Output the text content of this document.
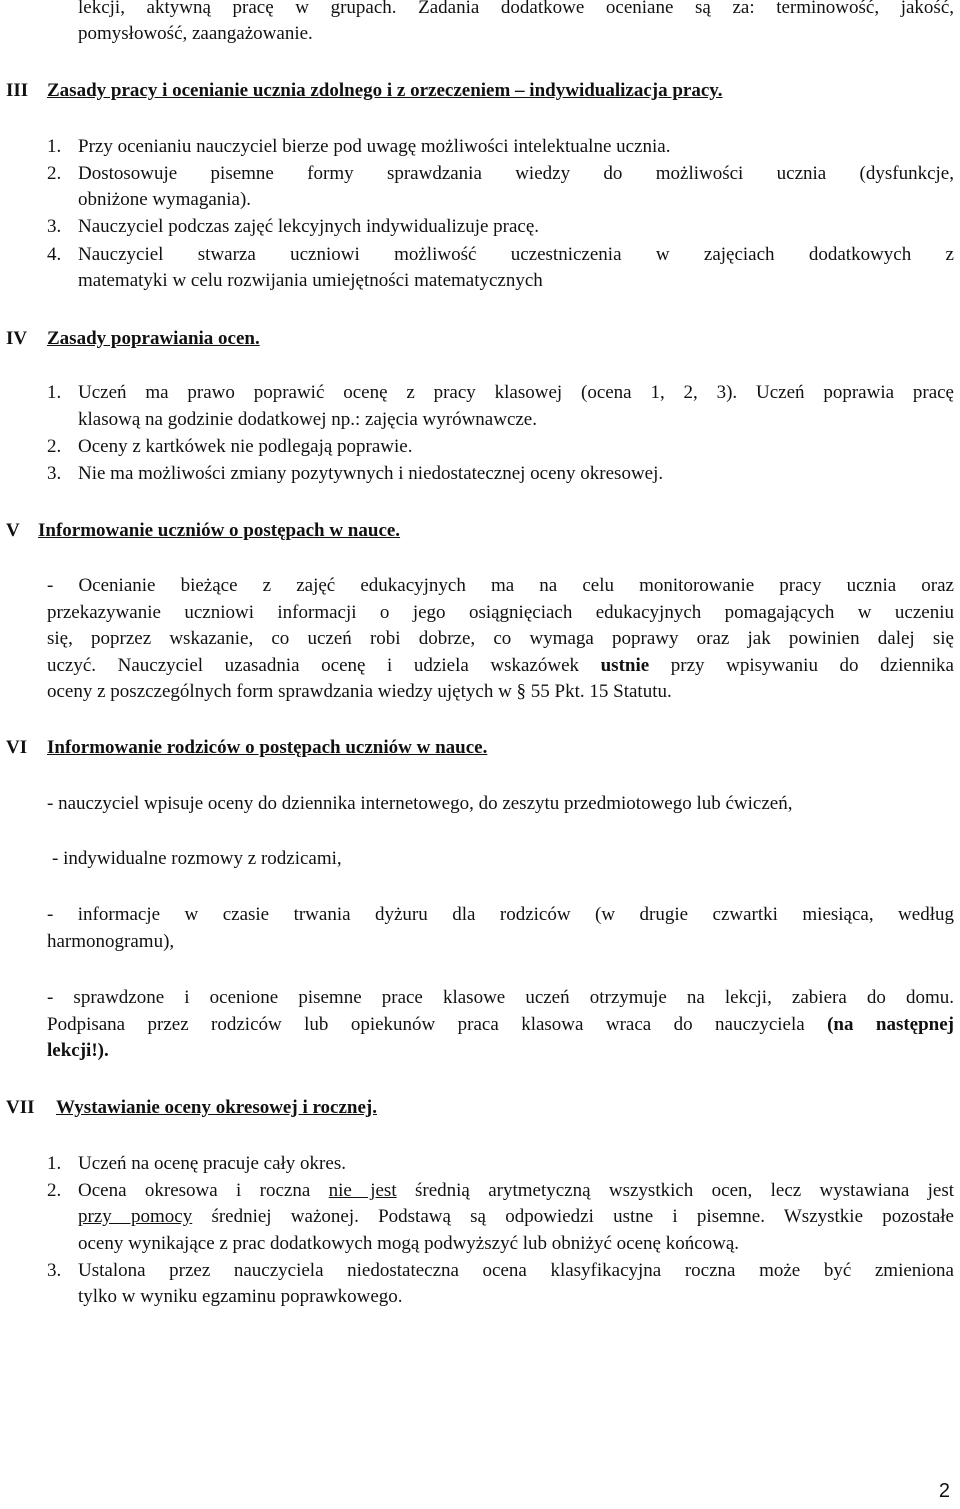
lekcji, aktywną pracę w grupach. Zadania dodatkowe oceniane są za: terminowość, jakość,
pomysłowość, zaangażowanie.
III Zasady pracy i ocenianie ucznia zdolnego i z orzeczeniem – indywidualizacja pracy.
1. Przy ocenianiu nauczyciel bierze pod uwagę możliwości intelektualne ucznia.
2. Dostosowuje pisemne formy sprawdzania wiedzy do możliwości ucznia (dysfunkcje,
obniżone wymagania).
3. Nauczyciel podczas zajęć lekcyjnych indywidualizuje pracę.
4. Nauczyciel stwarza uczniowi możliwość uczestniczenia w zajęciach dodatkowych z
matematyki w celu rozwijania umiejętności matematycznych
IV Zasady poprawiania ocen.
1. Uczeń ma prawo poprawić ocenę z pracy klasowej (ocena 1, 2, 3). Uczeń poprawia pracę
klasową na godzinie dodatkowej np.: zajęcia wyrównawcze.
2. Oceny z kartkówek nie podlegają poprawie.
3. Nie ma możliwości zmiany pozytywnych i niedostatecznej oceny okresowej.
V Informowanie uczniów o postępach w nauce.
- Ocenianie bieżące z zajęć edukacyjnych ma na celu monitorowanie pracy ucznia oraz
przekazywanie uczniowi informacji o jego osiągnięciach edukacyjnych pomagających w uczeniu
się, poprzez wskazanie, co uczeń robi dobrze, co wymaga poprawy oraz jak powinien dalej się
uczyć. Nauczyciel uzasadnia ocenę i udziela wskazówek ustnie przy wpisywaniu do dziennika
oceny z poszczególnych form sprawdzania wiedzy ujętych w § 55 Pkt. 15 Statutu.
VI Informowanie rodziców o postępach uczniów w nauce.
- nauczyciel wpisuje oceny do dziennika internetowego, do zeszytu przedmiotowego lub ćwiczeń,
- indywidualne rozmowy z rodzicami,
- informacje w czasie trwania dyżuru dla rodziców (w drugie czwartki miesiąca, według
harmonogramu),
- sprawdzone i ocenione pisemne prace klasowe uczeń otrzymuje na lekcji, zabiera do domu.
Podpisana przez rodziców lub opiekunów praca klasowa wraca do nauczyciela (na następnej
lekcji!).
VII Wystawianie oceny okresowej i rocznej.
1. Uczeń na ocenę pracuje cały okres.
2. Ocena okresowa i roczna nie jest średnią arytmetyczną wszystkich ocen, lecz wystawiana jest
przy pomocy średniej ważonej. Podstawą są odpowiedzi ustne i pisemne. Wszystkie pozostałe
oceny wynikające z prac dodatkowych mogą podwyższyć lub obniżyć ocenę końcową.
3. Ustalona przez nauczyciela niedostateczna ocena klasyfikacyjna roczna może być zmieniona
tylko w wyniku egzaminu poprawkowego.
2
